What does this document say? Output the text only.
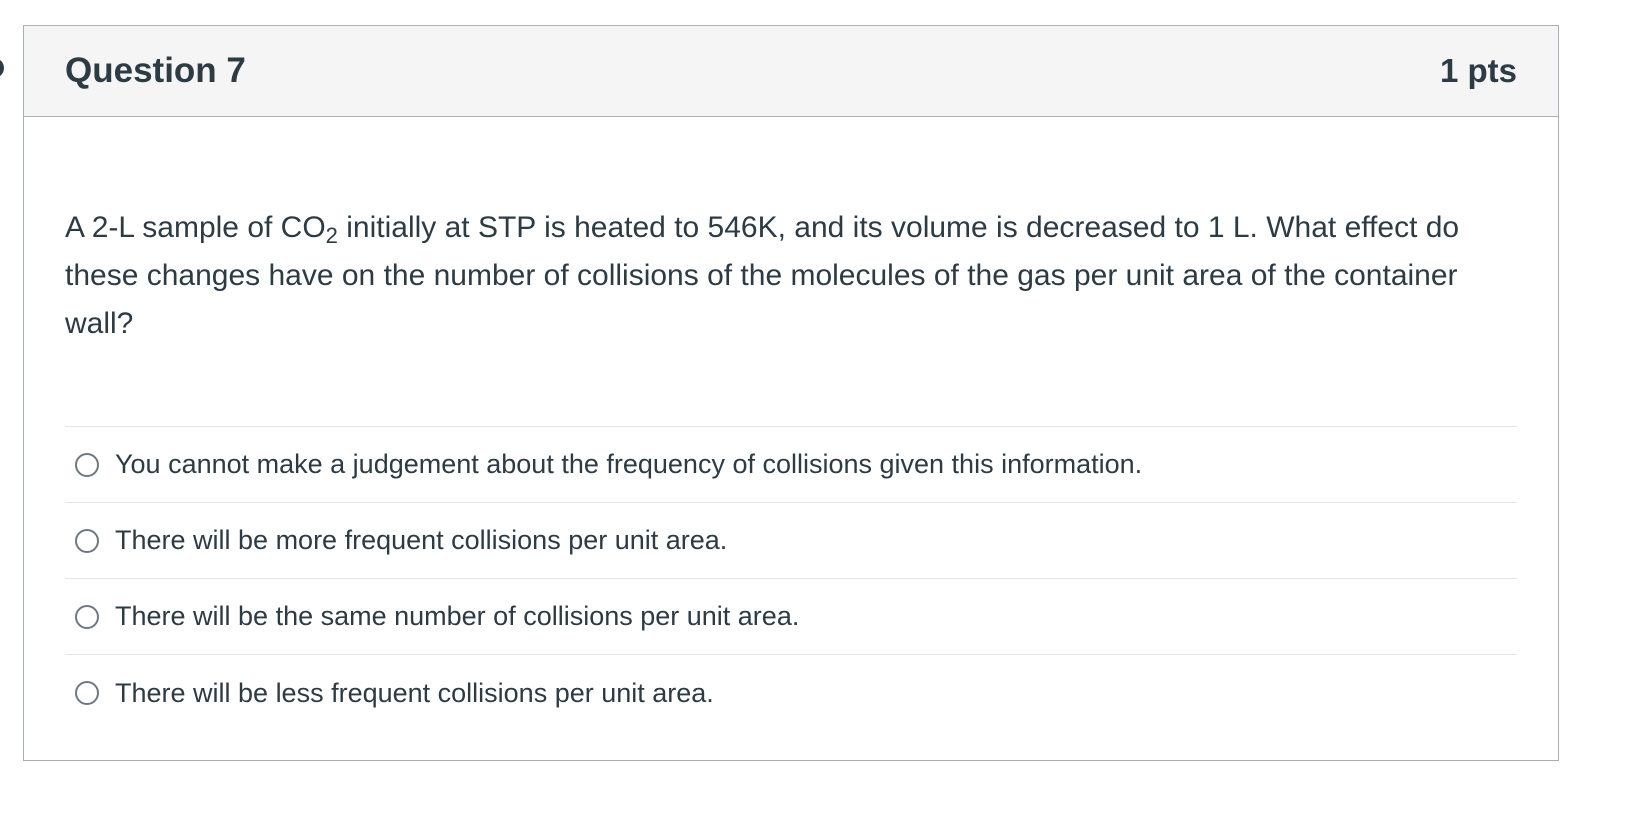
Question 7	1 pts

A 2-L sample of $CO_2$ initially at STP is heated to 546K, and its volume is decreased to 1 L. What effect do these changes have on the number of collisions of the molecules of the gas per unit area of the container wall?

You cannot make a judgement about the frequency of collisions given this information.
There will be more frequent collisions per unit area.
There will be the same number of collisions per unit area.
There will be less frequent collisions per unit area.
